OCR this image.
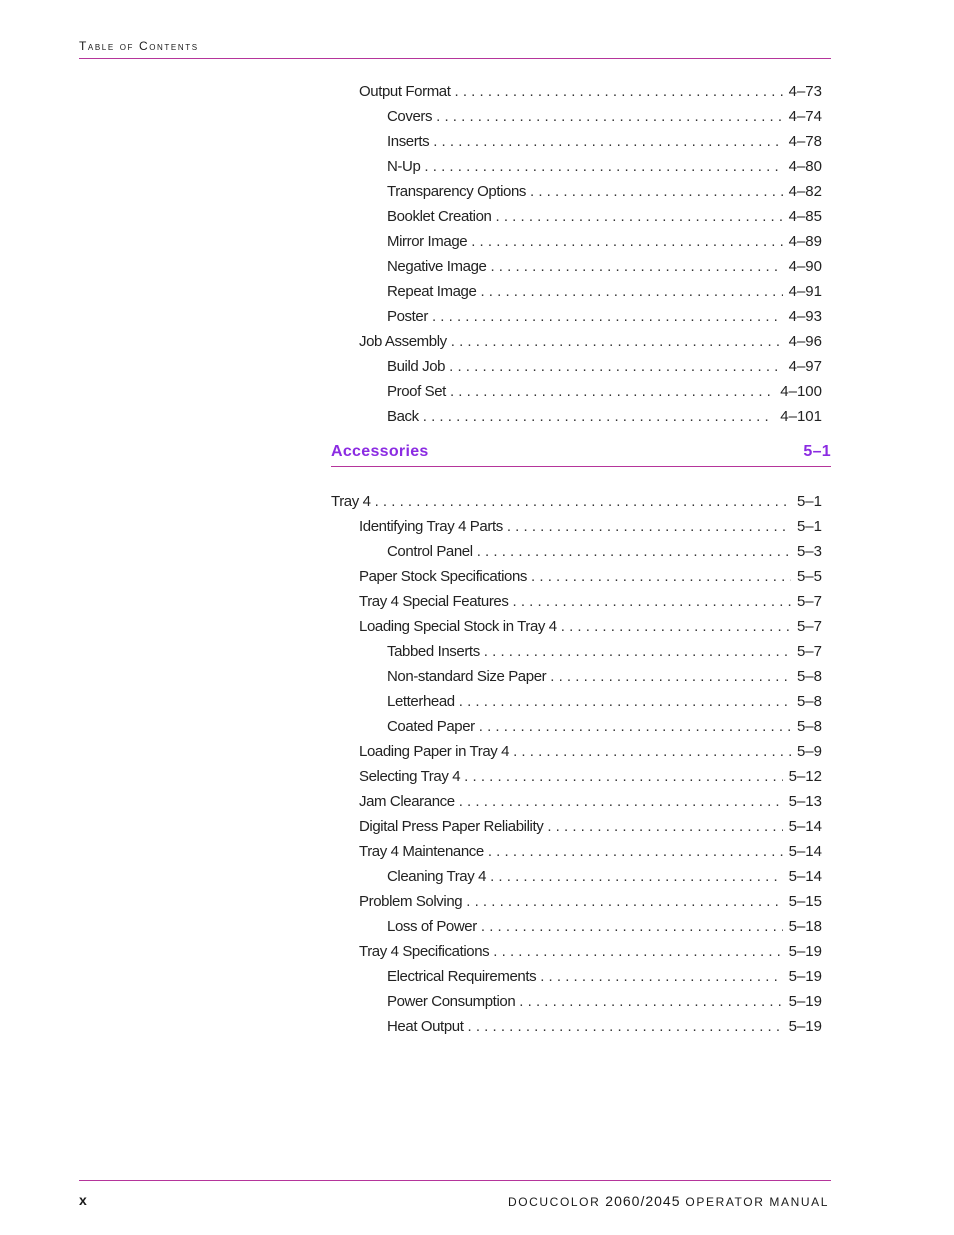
Table of Contents
Output Format . . .	4–73
Covers . . .	4–74
Inserts . . .	4–78
N-Up . . .	4–80
Transparency Options . . .	4–82
Booklet Creation . . .	4–85
Mirror Image . . .	4–89
Negative Image . . .	4–90
Repeat Image . . .	4–91
Poster . . .	4–93
Job Assembly . . .	4–96
Build Job . . .	4–97
Proof Set . . .	4–100
Back . . .	4–101
Accessories	5–1
Tray 4 . . .	5–1
Identifying Tray 4 Parts . . .	5–1
Control Panel . . .	5–3
Paper Stock Specifications . . .	5–5
Tray 4 Special Features . . .	5–7
Loading Special Stock in Tray 4 . . .	5–7
Tabbed Inserts . . .	5–7
Non-standard Size Paper . . .	5–8
Letterhead . . .	5–8
Coated Paper . . .	5–8
Loading Paper in Tray 4 . . .	5–9
Selecting Tray 4 . . .	5–12
Jam Clearance . . .	5–13
Digital Press Paper Reliability . . .	5–14
Tray 4 Maintenance . . .	5–14
Cleaning Tray 4 . . .	5–14
Problem Solving . . .	5–15
Loss of Power . . .	5–18
Tray 4 Specifications . . .	5–19
Electrical Requirements . . .	5–19
Power Consumption . . .	5–19
Heat Output . . .	5–19
x	DOCUCOLOR 2060/2045 OPERATOR MANUAL
